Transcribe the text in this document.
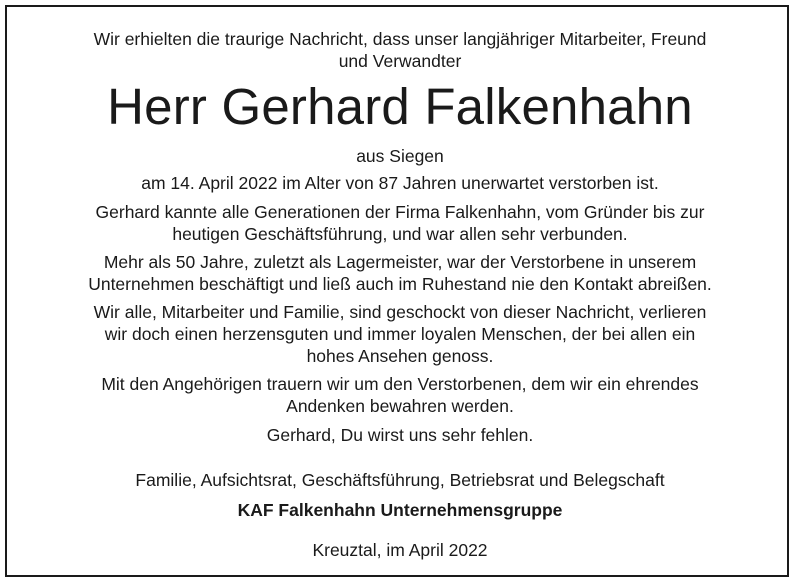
Wir erhielten die traurige Nachricht, dass unser langjähriger Mitarbeiter, Freund
und Verwandter
Herr Gerhard Falkenhahn
aus Siegen
am 14. April 2022 im Alter von 87 Jahren unerwartet verstorben ist.
Gerhard kannte alle Generationen der Firma Falkenhahn, vom Gründer bis zur
heutigen Geschäftsführung, und war allen sehr verbunden.
Mehr als 50 Jahre, zuletzt als Lagermeister, war der Verstorbene in unserem
Unternehmen beschäftigt und ließ auch im Ruhestand nie den Kontakt abreißen.
Wir alle, Mitarbeiter und Familie, sind geschockt von dieser Nachricht, verlieren
wir doch einen herzensguten und immer loyalen Menschen, der bei allen ein
hohes Ansehen genoss.
Mit den Angehörigen trauern wir um den Verstorbenen, dem wir ein ehrendes
Andenken bewahren werden.
Gerhard, Du wirst uns sehr fehlen.
Familie, Aufsichtsrat, Geschäftsführung, Betriebsrat und Belegschaft
KAF Falkenhahn Unternehmensgruppe
Kreuztal, im April 2022
